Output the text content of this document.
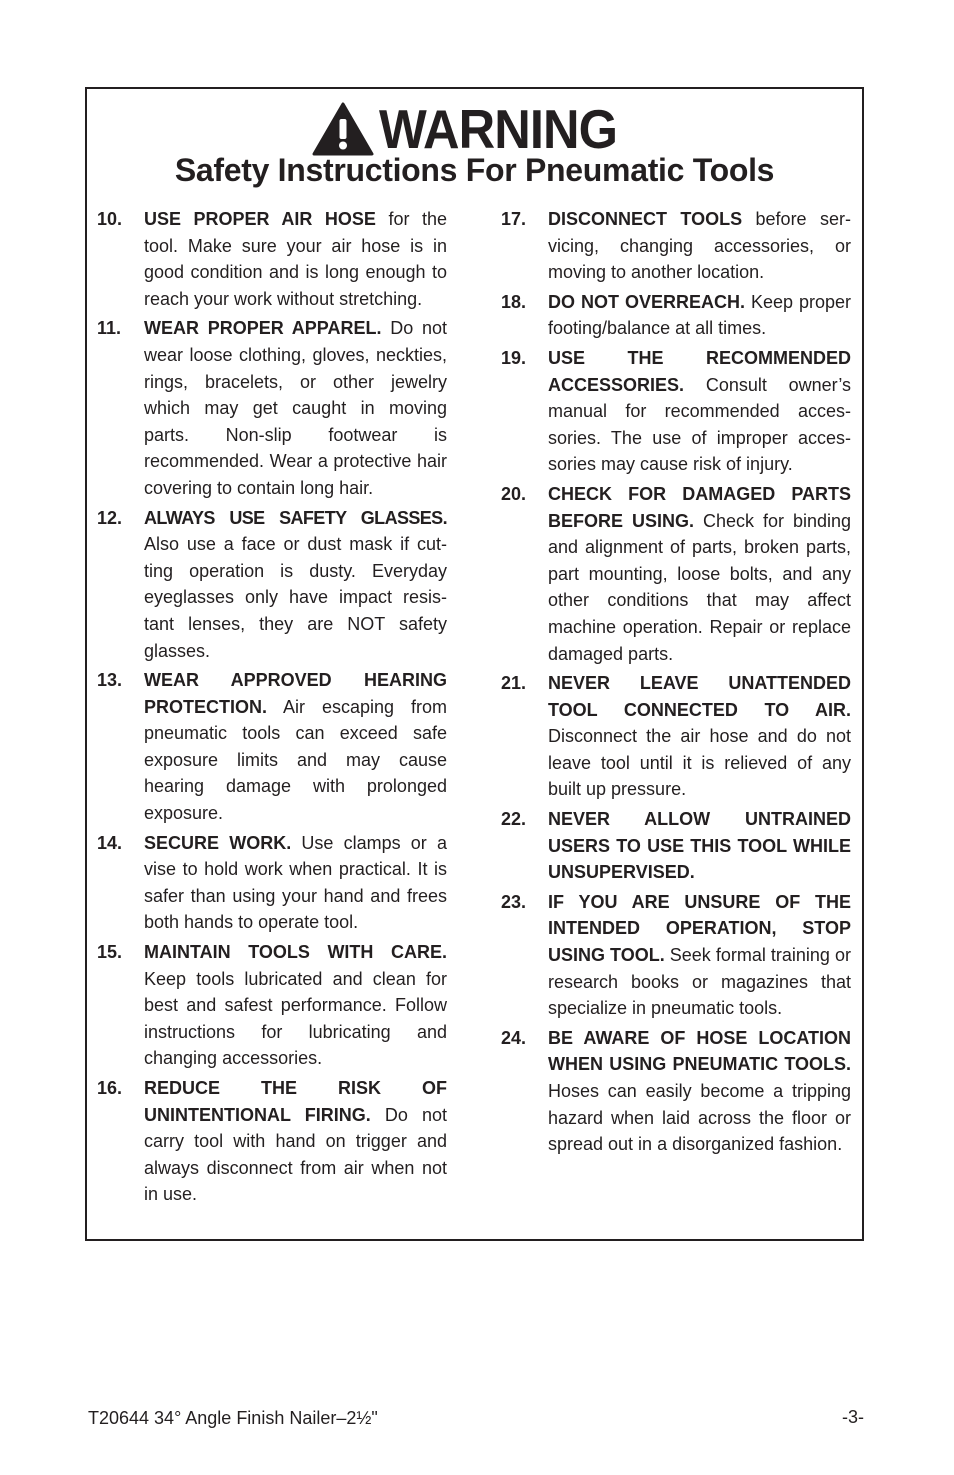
WARNING
Safety Instructions For Pneumatic Tools
10.	USE PROPER AIR HOSE for the tool. Make sure your air hose is in good condition and is long enough to reach your work without stretching.
11.	WEAR PROPER APPAREL. Do not wear loose clothing, gloves, neckties, rings, bracelets, or other jewelry which may get caught in moving parts. Non-slip footwear is recommended. Wear a protective hair covering to contain long hair.
12.	ALWAYS USE SAFETY GLASSES. Also use a face or dust mask if cutting operation is dusty. Everyday eyeglasses only have impact resistant lenses, they are NOT safety glasses.
13.	WEAR APPROVED HEARING PROTECTION. Air escaping from pneumatic tools can exceed safe exposure limits and may cause hearing damage with prolonged exposure.
14.	SECURE WORK. Use clamps or a vise to hold work when practical. It is safer than using your hand and frees both hands to operate tool.
15.	MAINTAIN TOOLS WITH CARE. Keep tools lubricated and clean for best and safest performance. Follow instructions for lubricating and changing accessories.
16.	REDUCE THE RISK OF UNINTENTIONAL FIRING. Do not carry tool with hand on trigger and always disconnect from air when not in use.
17.	DISCONNECT TOOLS before servicing, changing accessories, or moving to another location.
18.	DO NOT OVERREACH. Keep proper footing/balance at all times.
19.	USE THE RECOMMENDED ACCESSORIES. Consult owner’s manual for recommended accessories. The use of improper accessories may cause risk of injury.
20.	CHECK FOR DAMAGED PARTS BEFORE USING. Check for binding and alignment of parts, broken parts, part mounting, loose bolts, and any other conditions that may affect machine operation. Repair or replace damaged parts.
21.	NEVER LEAVE UNATTENDED TOOL CONNECTED TO AIR. Disconnect the air hose and do not leave tool until it is relieved of any built up pressure.
22.	NEVER ALLOW UNTRAINED USERS TO USE THIS TOOL WHILE UNSUPERVISED.
23.	IF YOU ARE UNSURE OF THE INTENDED OPERATION, STOP USING TOOL. Seek formal training or research books or magazines that specialize in pneumatic tools.
24.	BE AWARE OF HOSE LOCATION WHEN USING PNEUMATIC TOOLS. Hoses can easily become a tripping hazard when laid across the floor or spread out in a disorganized fashion.
T20644 34° Angle Finish Nailer–2½"	-3-
